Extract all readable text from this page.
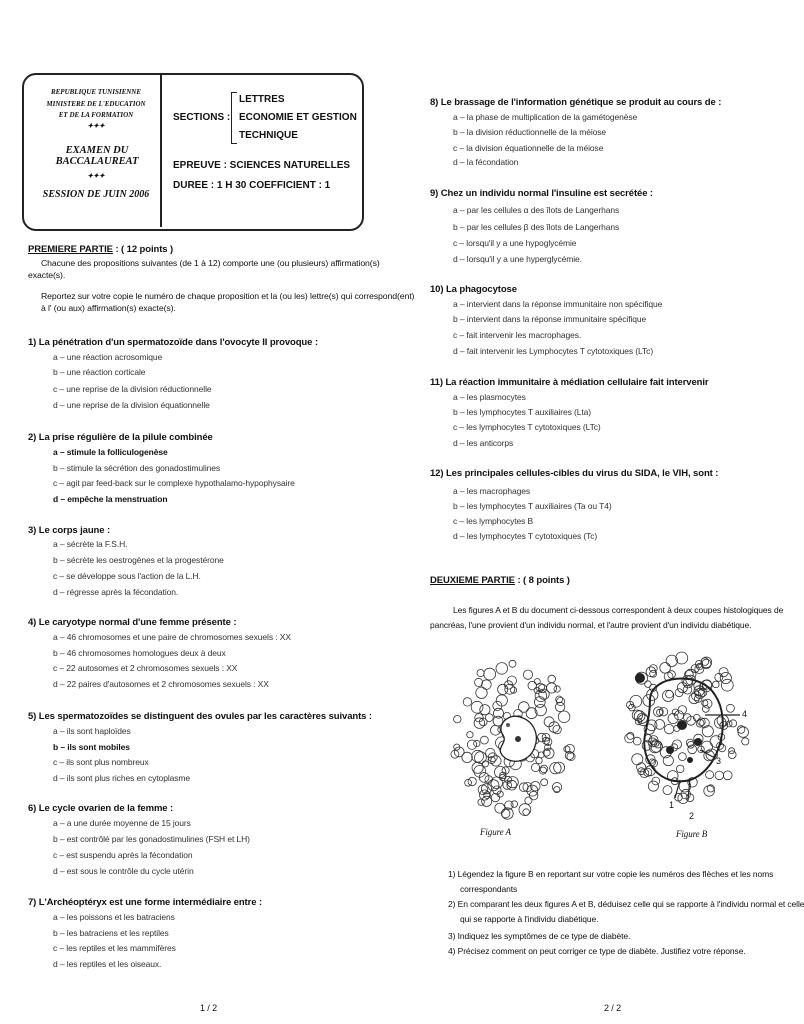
REPUBLIQUE TUNISIENNE
MINISTERE DE L'EDUCATION
ET DE LA FORMATION
✦✦✦
EXAMEN DU BACCALAUREAT
✦✦✦
SESSION DE JUIN 2006
SECTIONS :
LETTRES
ECONOMIE ET GESTION
TECHNIQUE
EPREUVE : SCIENCES NATURELLES
DUREE : 1 H 30 COEFFICIENT : 1
PREMIERE PARTIE : ( 12 points )
Chacune des propositions suivantes (de 1 à 12) comporte une (ou plusieurs) affirmation(s)
exacte(s).
Reportez sur votre copie le numéro de chaque proposition et la (ou les) lettre(s) qui correspond(ent)
à l' (ou aux) affirmation(s) exacte(s).
1) La pénétration d'un spermatozoïde dans l'ovocyte II provoque :
a – une réaction acrosomique
b – une réaction corticale
c – une reprise de la division réductionnelle
d – une reprise de la division équationnelle
2) La prise régulière de la pilule combinée
a – stimule la folliculogenèse
b – stimule la sécrétion des gonadostimulines
c – agit par feed-back sur le complexe hypothalamo-hypophysaire
d – empêche la menstruation
3) Le corps jaune :
a – sécrète la F.S.H.
b – sécrète les oestrogènes et la progestérone
c – se développe sous l'action de la L.H.
d – régresse après la fécondation.
4) Le caryotype normal d'une femme présente :
a – 46 chromosomes et une paire de chromosomes sexuels : XX
b – 46 chromosomes homologues deux à deux
c – 22 autosomes et 2 chromosomes sexuels : XX
d – 22 paires d'autosomes et 2 chromosomes sexuels : XX
5) Les spermatozoïdes se distinguent des ovules par les caractères suivants :
a – ils sont haploïdes
b – ils sont mobiles
c – ils sont plus nombreux
d – ils sont plus riches en cytoplasme
6) Le cycle ovarien de la femme :
a – a une durée moyenne de 15 jours
b – est contrôlé par les gonadostimulines (FSH et LH)
c – est suspendu après la fécondation
d – est sous le contrôle du cycle utérin
7) L'Archéoptéryx est une forme intermédiaire entre :
a – les poissons et les batraciens
b – les batraciens et les reptiles
c – les reptiles et les mammifères
d – les reptiles et les oiseaux.
1 / 2
8) Le brassage de l'information génétique se produit au cours de :
a – la phase de multiplication de la gamétogenèse
b – la division réductionnelle de la méiose
c – la division équationnelle de la méiose
d – la fécondation
9) Chez un individu normal l'insuline est secrétée :
a – par les cellules α des îlots de Langerhans
b – par les cellules β des îlots de Langerhans
c – lorsqu'il y a une hypoglycémie
d – lorsqu'il y a une hyperglycémie.
10) La phagocytose
a – intervient dans la réponse immunitaire non spécifique
b – intervient dans la réponse immunitaire spécifique
c – fait intervenir les macrophages.
d – fait intervenir les Lymphocytes T cytotoxiques (LTc)
11) La réaction immunitaire à médiation cellulaire fait intervenir
a – les plasmocytes
b – les lymphocytes T auxiliaires (Lta)
c – les lymphocytes T cytotoxiques (LTc)
d – les anticorps
12) Les principales cellules-cibles du virus du SIDA, le VIH, sont :
a – les macrophages
b – les lymphocytes T auxiliaires (Ta ou T4)
c – les lymphocytes B
d – les lymphocytes T cytotoxiques (Tc)
DEUXIEME PARTIE : ( 8 points )
Les figures A et B du document ci-dessous correspondent à deux coupes histologiques de
pancréas, l'une provient d'un individu normal, et l'autre provient d'un individu diabétique.
Figure A
4
3
2
1
Figure B
1) Légendez la figure B en reportant sur votre copie les numéros des flèches et les noms
correspondants
2) En comparant les deux figures A et B, déduisez celle qui se rapporte à l'individu normal et celle
qui se rapporte à l'individu diabétique.
3) Indiquez les symptômes de ce type de diabète.
4) Précisez comment on peut corriger ce type de diabète. Justifiez votre réponse.
2 / 2
